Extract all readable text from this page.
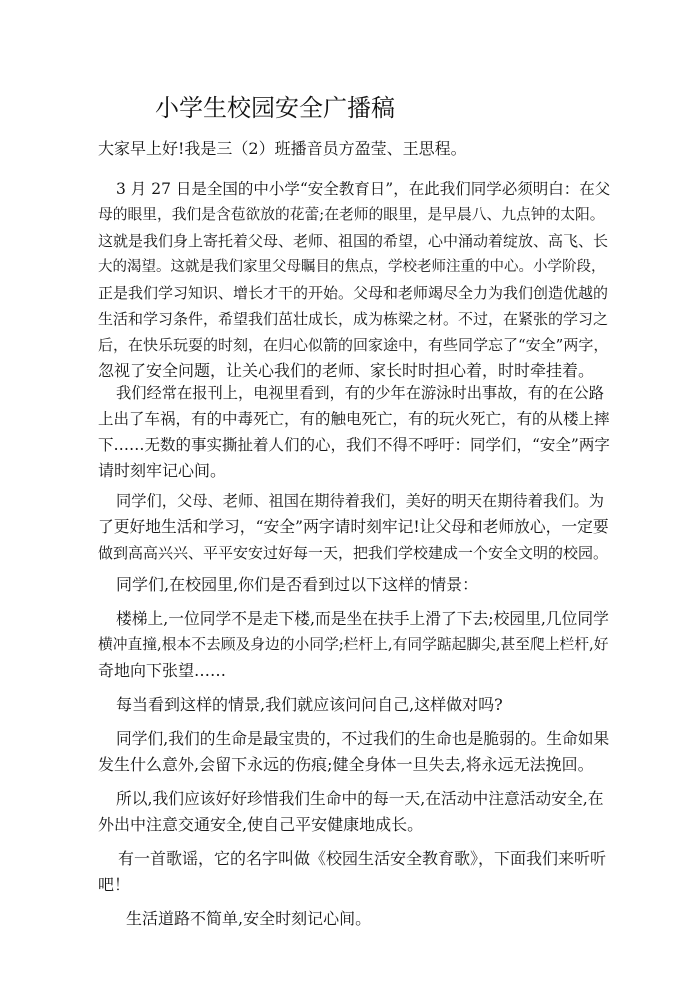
小学生校园安全广播稿
大家早上好!我是三（2）班播音员方盈莹、王思程。
3 月 27 日是全国的中小学“安全教育日”，在此我们同学必须明白：在父
母的眼里，我们是含苞欲放的花蕾;在老师的眼里，是早晨八、九点钟的太阳。
这就是我们身上寄托着父母、老师、祖国的希望，心中涌动着绽放、高飞、长
大的渴望。这就是我们家里父母瞩目的焦点，学校老师注重的中心。小学阶段，
正是我们学习知识、增长才干的开始。父母和老师竭尽全力为我们创造优越的
生活和学习条件，希望我们茁壮成长，成为栋梁之材。不过，在紧张的学习之
后，在快乐玩耍的时刻，在归心似箭的回家途中，有些同学忘了“安全”两字，
忽视了安全问题，让关心我们的老师、家长时时担心着，时时牵挂着。
我们经常在报刊上，电视里看到，有的少年在游泳时出事故，有的在公路
上出了车祸，有的中毒死亡，有的触电死亡，有的玩火死亡，有的从楼上摔
下……无数的事实撕扯着人们的心，我们不得不呼吁：同学们，“安全”两字
请时刻牢记心间。
同学们，父母、老师、祖国在期待着我们，美好的明天在期待着我们。为
了更好地生活和学习，“安全”两字请时刻牢记!让父母和老师放心，一定要
做到高高兴兴、平平安安过好每一天，把我们学校建成一个安全文明的校园。
同学们,在校园里,你们是否看到过以下这样的情景：
楼梯上,一位同学不是走下楼,而是坐在扶手上滑了下去;校园里,几位同学
横冲直撞,根本不去顾及身边的小同学;栏杆上,有同学踮起脚尖,甚至爬上栏杆,好
奇地向下张望……
每当看到这样的情景,我们就应该问问自己,这样做对吗?
同学们,我们的生命是最宝贵的，不过我们的生命也是脆弱的。生命如果
发生什么意外,会留下永远的伤痕;健全身体一旦失去,将永远无法挽回。
所以,我们应该好好珍惜我们生命中的每一天,在活动中注意活动安全,在
外出中注意交通安全,使自己平安健康地成长。
有一首歌谣，它的名字叫做《校园生活安全教育歌》，下面我们来听听
吧！
生活道路不简单,安全时刻记心间。
